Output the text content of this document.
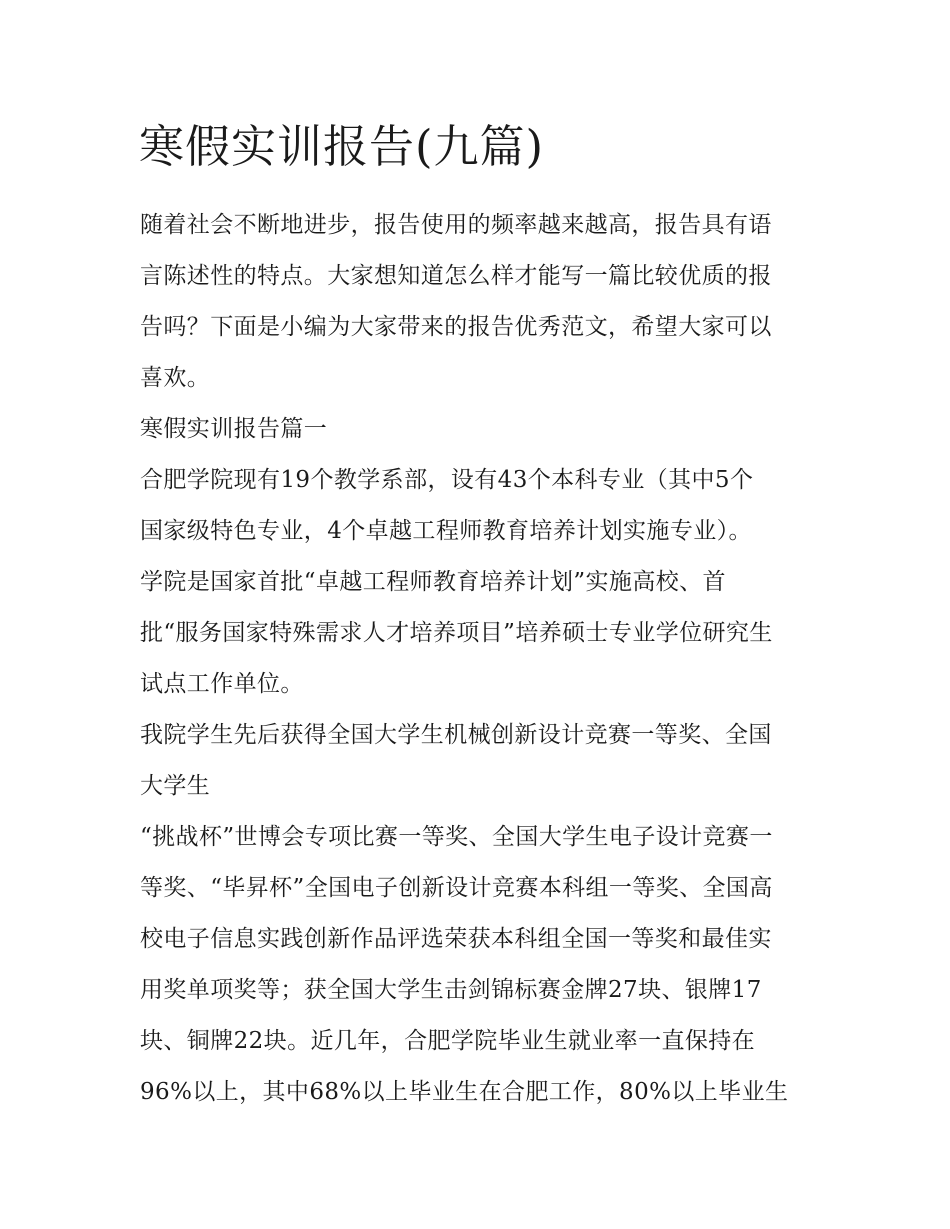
寒假实训报告(九篇)

随着社会不断地进步，报告使用的频率越来越高，报告具有语

言陈述性的特点。大家想知道怎么样才能写一篇比较优质的报

告吗？下面是小编为大家带来的报告优秀范文，希望大家可以

喜欢。

寒假实训报告篇一

合肥学院现有19个教学系部，设有43个本科专业（其中5个

国家级特色专业，4个卓越工程师教育培养计划实施专业）。

学院是国家首批“卓越工程师教育培养计划”实施高校、首

批“服务国家特殊需求人才培养项目”培养硕士专业学位研究生

试点工作单位。

我院学生先后获得全国大学生机械创新设计竞赛一等奖、全国

大学生

“挑战杯”世博会专项比赛一等奖、全国大学生电子设计竞赛一

等奖、“毕昇杯”全国电子创新设计竞赛本科组一等奖、全国高

校电子信息实践创新作品评选荣获本科组全国一等奖和最佳实

用奖单项奖等；获全国大学生击剑锦标赛金牌27块、银牌17

块、铜牌22块。近几年，合肥学院毕业生就业率一直保持在

96%以上，其中68%以上毕业生在合肥工作，80%以上毕业生
